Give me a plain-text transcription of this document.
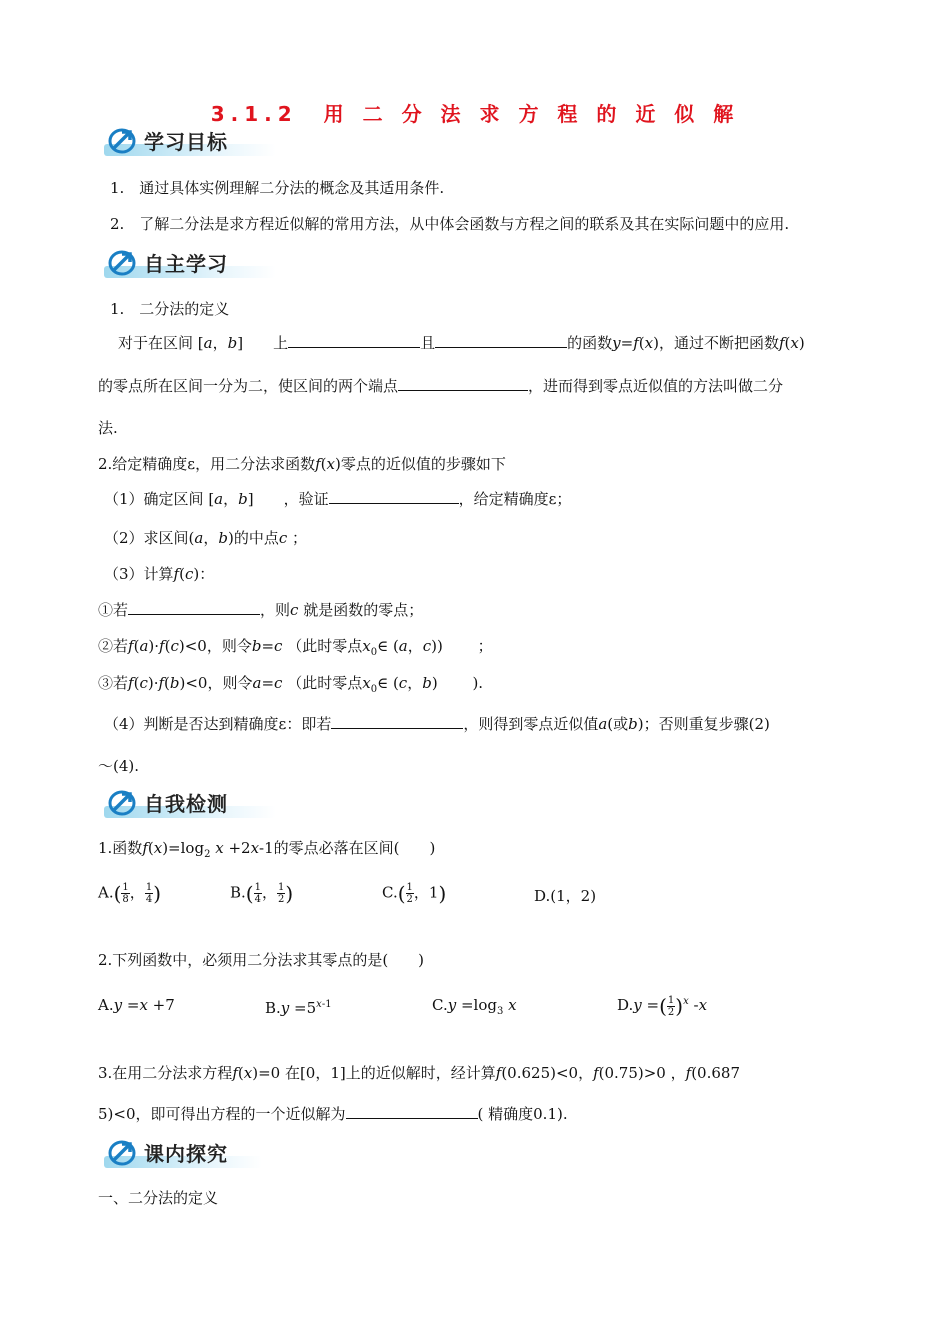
3.1.2　用 二 分 法 求 方 程 的 近 似 解
学习目标
自主学习
自我检测
课内探究
1.　通过具体实例理解二分法的概念及其适用条件.
2.　了解二分法是求方程近似解的常用方法，从中体会函数与方程之间的联系及其在实际问题中的应用.
1.　二分法的定义
对于在区间 [a，b]　　上	且	的函数y=f(x)，通过不断把函数f(x)
的零点所在区间一分为二，使区间的两个端点	，进而得到零点近似值的方法叫做二分
法.
2.给定精确度ε，用二分法求函数f(x)零点的近似值的步骤如下
（1）确定区间 [a，b]　　，验证	，给定精确度ε；
（2）求区间(a，b)的中点c ；
（3）计算f(c)：
①若	，则c 就是函数的零点；
②若f(a)·f(c)<0，则令b=c （此时零点$x_0\in$ (a，c))　　 ；
③若f(c)·f(b)<0，则令a=c （此时零点$x_0\in$ (c，b)　　 ).
（4）判断是否达到精确度ε：即若	，则得到零点近似值a(或b)；否则重复步骤(2)
～(4).
1.函数$f(x)=\log_2$ x +2x-1的零点必落在区间(　　)
$A.( \frac{1}{8}$ ， $\frac{1}{4}$ )	$B.( \frac{1}{4}$ ， $\frac{1}{2}$ )	$C.( \frac{1}{2}$ ，1)	D.(1，2)
2.下列函数中，必须用二分法求其零点的是(　　)
A.y =x +7	$B.y =5^{x-1}$	$C.y =\log_3$ x	D.y =( $\frac{1}{2} )^x$ -x
3.在用二分法求方程f(x)=0 在[0，1]上的近似解时，经计算f(0.625)<0，f(0.75)>0 ，f(0.687
5)<0，即可得出方程的一个近似解为	( 精确度0.1).
一、二分法的定义
